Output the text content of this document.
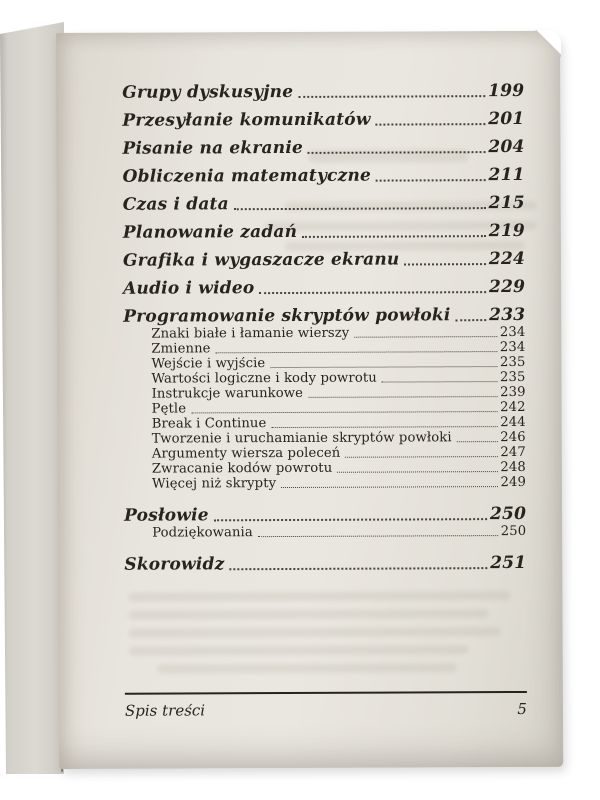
Grupy dyskusyjne	199
Przesyłanie komunikatów	201
Pisanie na ekranie	204
Obliczenia matematyczne	211
Czas i data	215
Planowanie zadań	219
Grafika i wygaszacze ekranu	224
Audio i wideo	229
Programowanie skryptów powłoki 233
Znaki białe i łamanie wierszy	234
Zmienne	234
Wejście i wyjście	235
Wartości logiczne i kody powrotu	235
Instrukcje warunkowe	239
Pętle	242
Break i Continue	244
Tworzenie i uruchamianie skryptów powłoki	246
Argumenty wiersza poleceń	247
Zwracanie kodów powrotu	248
Więcej niż skrypty	249
Posłowie	250
Podziękowania	250
Skorowidz	251
Spis treści	5
